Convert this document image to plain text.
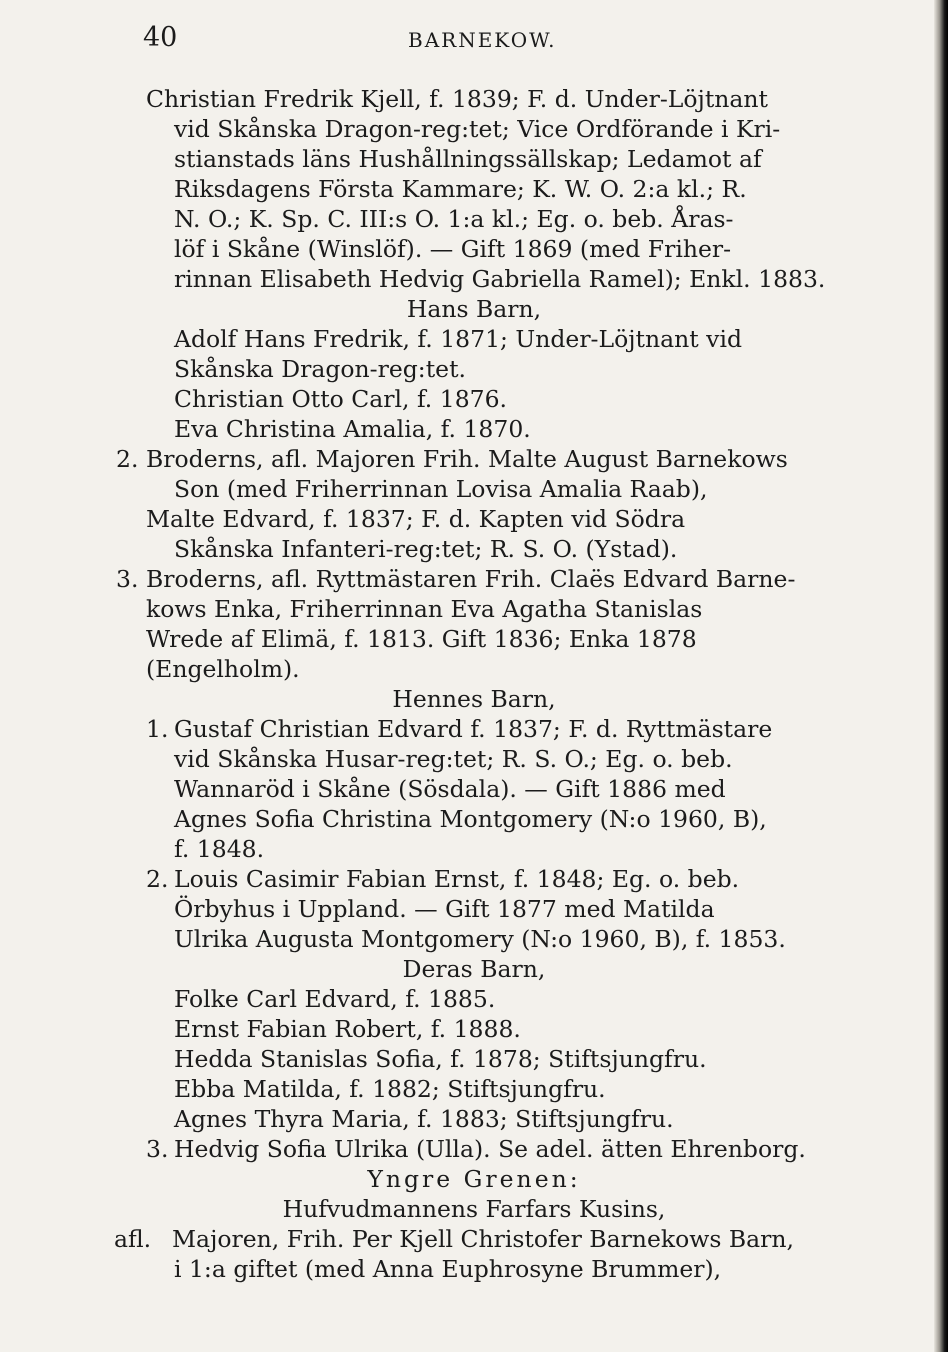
40	BARNEKOW.
Christian Fredrik Kjell, f. 1839; F. d. Under-Löjtnant
vid Skånska Dragon-reg:tet; Vice Ordförande i Kri-
stianstads läns Hushållningssällskap; Ledamot af
Riksdagens Första Kammare; K. W. O. 2:a kl.; R.
N. O.; K. Sp. C. III:s O. 1:a kl.; Eg. o. beb. Åras-
löf i Skåne (Winslöf). — Gift 1869 (med Friher-
rinnan Elisabeth Hedvig Gabriella Ramel); Enkl. 1883.
Hans Barn,
Adolf Hans Fredrik, f. 1871; Under-Löjtnant vid
Skånska Dragon-reg:tet.
Christian Otto Carl, f. 1876.
Eva Christina Amalia, f. 1870.
2. Broderns, afl. Majoren Frih. Malte August Barnekows
Son (med Friherrinnan Lovisa Amalia Raab),
Malte Edvard, f. 1837; F. d. Kapten vid Södra
Skånska Infanteri-reg:tet; R. S. O. (Ystad).
3. Broderns, afl. Ryttmästaren Frih. Claës Edvard Barne-
kows Enka, Friherrinnan Eva Agatha Stanislas
Wrede af Elimä, f. 1813. Gift 1836; Enka 1878
(Engelholm).
Hennes Barn,
1. Gustaf Christian Edvard f. 1837; F. d. Ryttmästare
vid Skånska Husar-reg:tet; R. S. O.; Eg. o. beb.
Wannaröd i Skåne (Sösdala). — Gift 1886 med
Agnes Sofia Christina Montgomery (N:o 1960, B),
f. 1848.
2. Louis Casimir Fabian Ernst, f. 1848; Eg. o. beb.
Örbyhus i Uppland. — Gift 1877 med Matilda
Ulrika Augusta Montgomery (N:o 1960, B), f. 1853.
Deras Barn,
Folke Carl Edvard, f. 1885.
Ernst Fabian Robert, f. 1888.
Hedda Stanislas Sofia, f. 1878; Stiftsjungfru.
Ebba Matilda, f. 1882; Stiftsjungfru.
Agnes Thyra Maria, f. 1883; Stiftsjungfru.
3. Hedvig Sofia Ulrika (Ulla). Se adel. ätten Ehrenborg.
Yngre Grenen:
Hufvudmannens Farfars Kusins,
afl. Majoren, Frih. Per Kjell Christofer Barnekows Barn,
i 1:a giftet (med Anna Euphrosyne Brummer),
